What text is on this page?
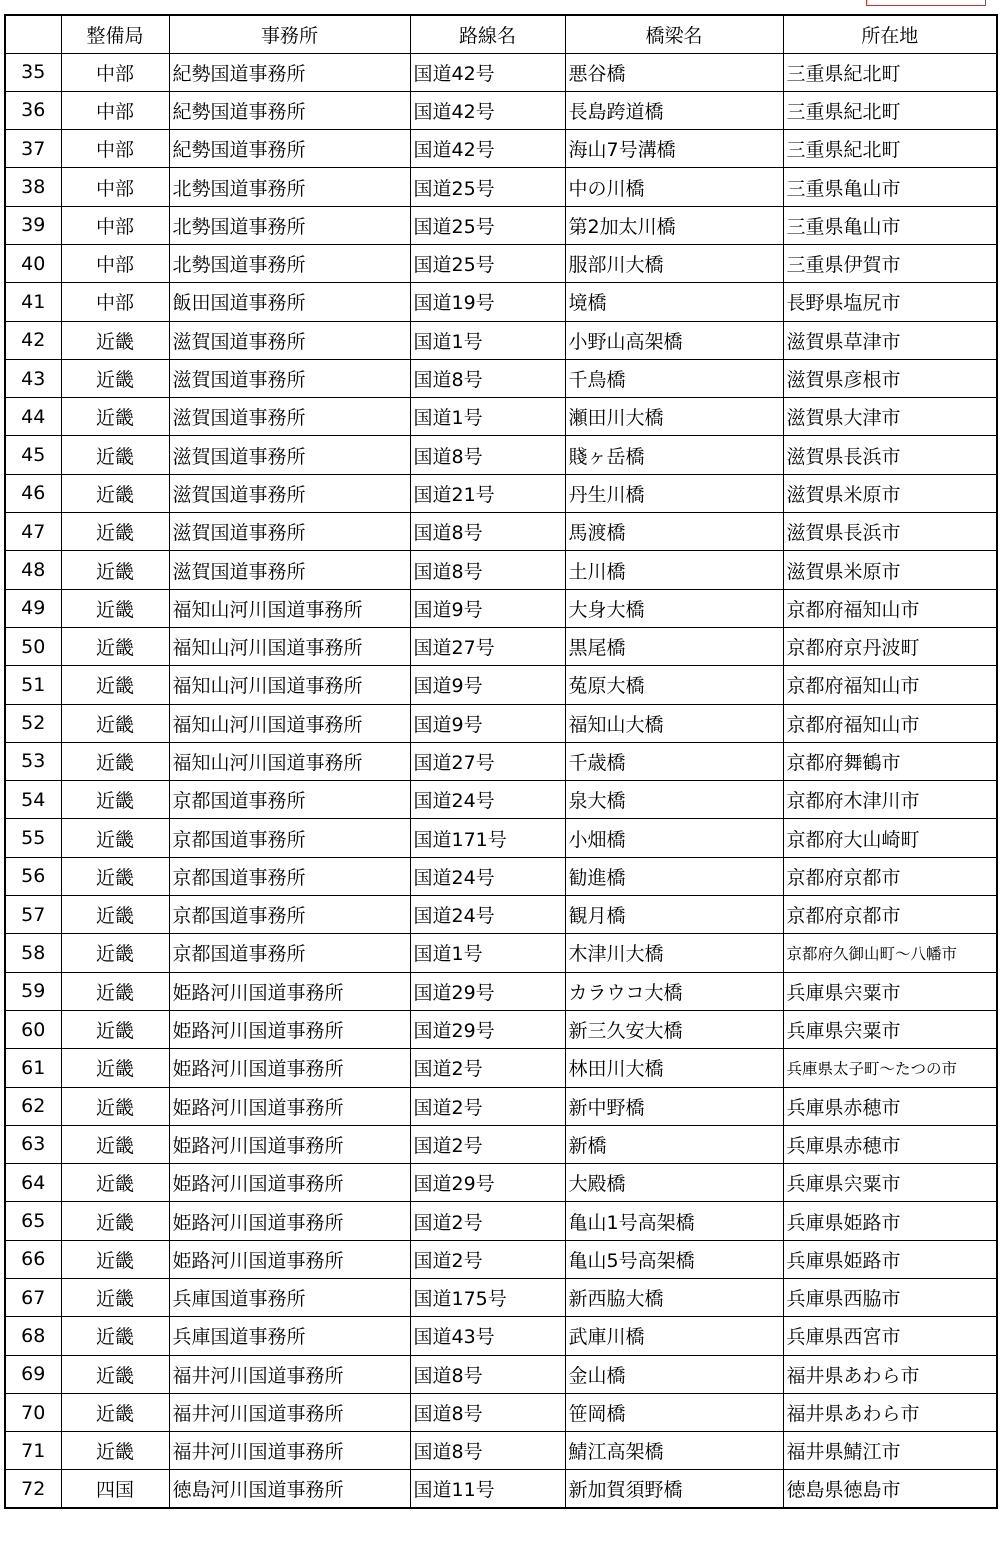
	整備局	事務所	路線名	橋梁名	所在地
35	中部	紀勢国道事務所	国道42号	悪谷橋	三重県紀北町
36	中部	紀勢国道事務所	国道42号	長島跨道橋	三重県紀北町
37	中部	紀勢国道事務所	国道42号	海山7号溝橋	三重県紀北町
38	中部	北勢国道事務所	国道25号	中の川橋	三重県亀山市
39	中部	北勢国道事務所	国道25号	第2加太川橋	三重県亀山市
40	中部	北勢国道事務所	国道25号	服部川大橋	三重県伊賀市
41	中部	飯田国道事務所	国道19号	境橋	長野県塩尻市
42	近畿	滋賀国道事務所	国道1号	小野山高架橋	滋賀県草津市
43	近畿	滋賀国道事務所	国道8号	千鳥橋	滋賀県彦根市
44	近畿	滋賀国道事務所	国道1号	瀬田川大橋	滋賀県大津市
45	近畿	滋賀国道事務所	国道8号	賤ヶ岳橋	滋賀県長浜市
46	近畿	滋賀国道事務所	国道21号	丹生川橋	滋賀県米原市
47	近畿	滋賀国道事務所	国道8号	馬渡橋	滋賀県長浜市
48	近畿	滋賀国道事務所	国道8号	土川橋	滋賀県米原市
49	近畿	福知山河川国道事務所	国道9号	大身大橋	京都府福知山市
50	近畿	福知山河川国道事務所	国道27号	黒尾橋	京都府京丹波町
51	近畿	福知山河川国道事務所	国道9号	菟原大橋	京都府福知山市
52	近畿	福知山河川国道事務所	国道9号	福知山大橋	京都府福知山市
53	近畿	福知山河川国道事務所	国道27号	千歳橋	京都府舞鶴市
54	近畿	京都国道事務所	国道24号	泉大橋	京都府木津川市
55	近畿	京都国道事務所	国道171号	小畑橋	京都府大山崎町
56	近畿	京都国道事務所	国道24号	勧進橋	京都府京都市
57	近畿	京都国道事務所	国道24号	観月橋	京都府京都市
58	近畿	京都国道事務所	国道1号	木津川大橋	京都府久御山町～八幡市
59	近畿	姫路河川国道事務所	国道29号	カラウコ大橋	兵庫県宍粟市
60	近畿	姫路河川国道事務所	国道29号	新三久安大橋	兵庫県宍粟市
61	近畿	姫路河川国道事務所	国道2号	林田川大橋	兵庫県太子町～たつの市
62	近畿	姫路河川国道事務所	国道2号	新中野橋	兵庫県赤穂市
63	近畿	姫路河川国道事務所	国道2号	新橋	兵庫県赤穂市
64	近畿	姫路河川国道事務所	国道29号	大殿橋	兵庫県宍粟市
65	近畿	姫路河川国道事務所	国道2号	亀山1号高架橋	兵庫県姫路市
66	近畿	姫路河川国道事務所	国道2号	亀山5号高架橋	兵庫県姫路市
67	近畿	兵庫国道事務所	国道175号	新西脇大橋	兵庫県西脇市
68	近畿	兵庫国道事務所	国道43号	武庫川橋	兵庫県西宮市
69	近畿	福井河川国道事務所	国道8号	金山橋	福井県あわら市
70	近畿	福井河川国道事務所	国道8号	笹岡橋	福井県あわら市
71	近畿	福井河川国道事務所	国道8号	鯖江高架橋	福井県鯖江市
72	四国	徳島河川国道事務所	国道11号	新加賀須野橋	徳島県徳島市
